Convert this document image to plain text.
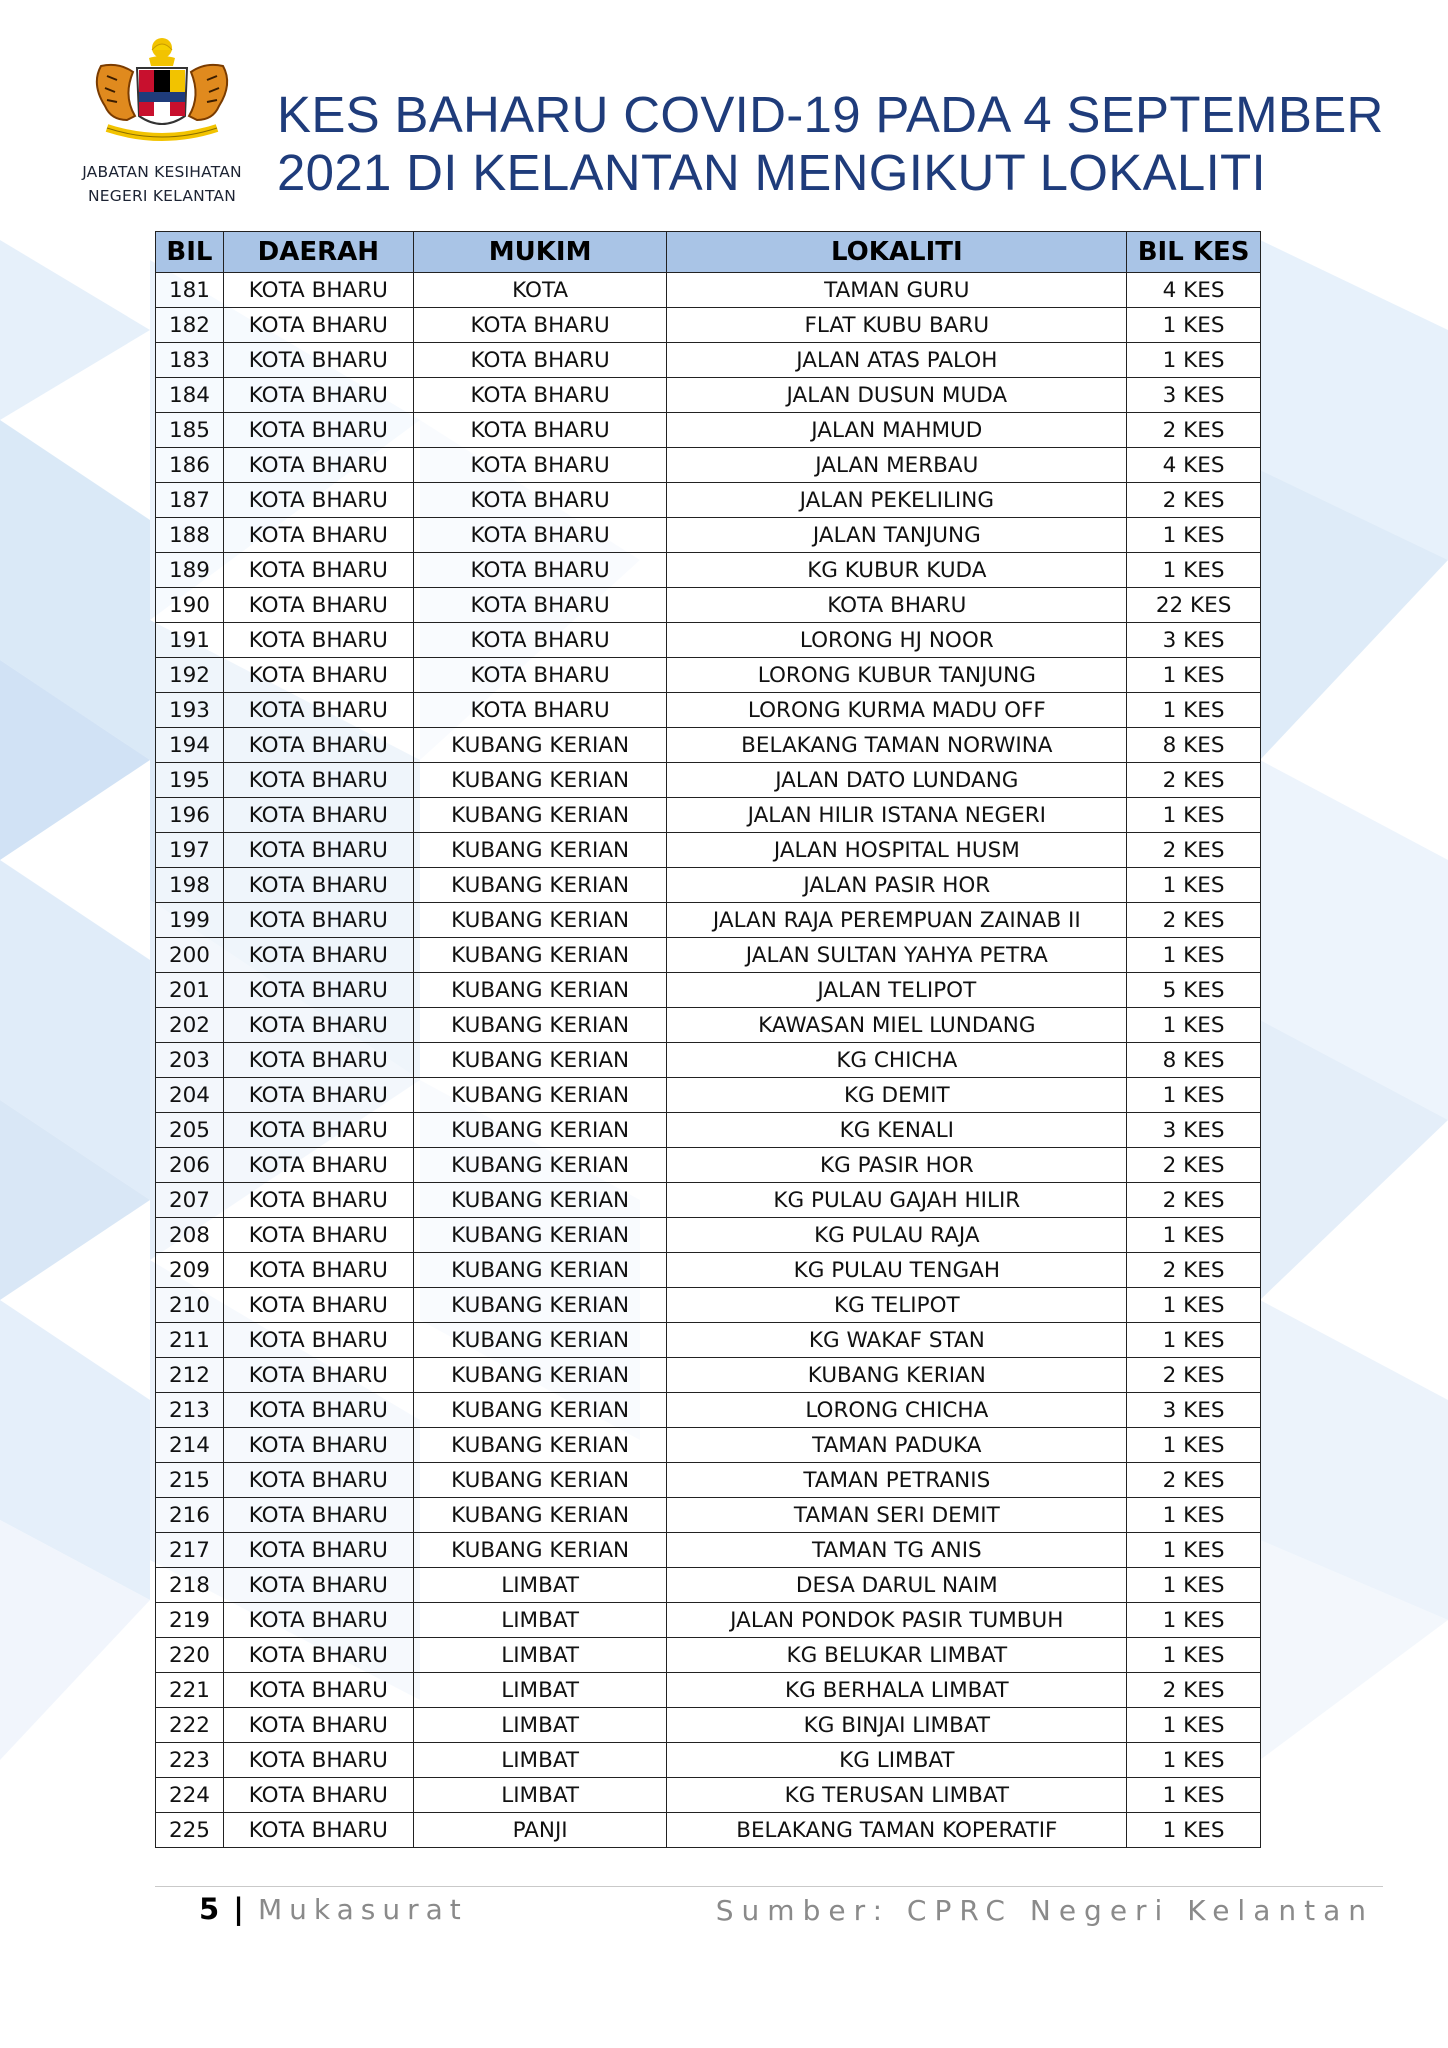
JABATAN KESIHATAN
NEGERI KELANTAN
KES BAHARU COVID-19 PADA 4 SEPTEMBER
2021 DI KELANTAN MENGIKUT LOKALITI
BIL	DAERAH	MUKIM	LOKALITI	BIL KES
181	KOTA BHARU	KOTA	TAMAN GURU	4 KES
182	KOTA BHARU	KOTA BHARU	FLAT KUBU BARU	1 KES
183	KOTA BHARU	KOTA BHARU	JALAN ATAS PALOH	1 KES
184	KOTA BHARU	KOTA BHARU	JALAN DUSUN MUDA	3 KES
185	KOTA BHARU	KOTA BHARU	JALAN MAHMUD	2 KES
186	KOTA BHARU	KOTA BHARU	JALAN MERBAU	4 KES
187	KOTA BHARU	KOTA BHARU	JALAN PEKELILING	2 KES
188	KOTA BHARU	KOTA BHARU	JALAN TANJUNG	1 KES
189	KOTA BHARU	KOTA BHARU	KG KUBUR KUDA	1 KES
190	KOTA BHARU	KOTA BHARU	KOTA BHARU	22 KES
191	KOTA BHARU	KOTA BHARU	LORONG HJ NOOR	3 KES
192	KOTA BHARU	KOTA BHARU	LORONG KUBUR TANJUNG	1 KES
193	KOTA BHARU	KOTA BHARU	LORONG KURMA MADU OFF	1 KES
194	KOTA BHARU	KUBANG KERIAN	BELAKANG TAMAN NORWINA	8 KES
195	KOTA BHARU	KUBANG KERIAN	JALAN DATO LUNDANG	2 KES
196	KOTA BHARU	KUBANG KERIAN	JALAN HILIR ISTANA NEGERI	1 KES
197	KOTA BHARU	KUBANG KERIAN	JALAN HOSPITAL HUSM	2 KES
198	KOTA BHARU	KUBANG KERIAN	JALAN PASIR HOR	1 KES
199	KOTA BHARU	KUBANG KERIAN	JALAN RAJA PEREMPUAN ZAINAB II	2 KES
200	KOTA BHARU	KUBANG KERIAN	JALAN SULTAN YAHYA PETRA	1 KES
201	KOTA BHARU	KUBANG KERIAN	JALAN TELIPOT	5 KES
202	KOTA BHARU	KUBANG KERIAN	KAWASAN MIEL LUNDANG	1 KES
203	KOTA BHARU	KUBANG KERIAN	KG CHICHA	8 KES
204	KOTA BHARU	KUBANG KERIAN	KG DEMIT	1 KES
205	KOTA BHARU	KUBANG KERIAN	KG KENALI	3 KES
206	KOTA BHARU	KUBANG KERIAN	KG PASIR HOR	2 KES
207	KOTA BHARU	KUBANG KERIAN	KG PULAU GAJAH HILIR	2 KES
208	KOTA BHARU	KUBANG KERIAN	KG PULAU RAJA	1 KES
209	KOTA BHARU	KUBANG KERIAN	KG PULAU TENGAH	2 KES
210	KOTA BHARU	KUBANG KERIAN	KG TELIPOT	1 KES
211	KOTA BHARU	KUBANG KERIAN	KG WAKAF STAN	1 KES
212	KOTA BHARU	KUBANG KERIAN	KUBANG KERIAN	2 KES
213	KOTA BHARU	KUBANG KERIAN	LORONG CHICHA	3 KES
214	KOTA BHARU	KUBANG KERIAN	TAMAN PADUKA	1 KES
215	KOTA BHARU	KUBANG KERIAN	TAMAN PETRANIS	2 KES
216	KOTA BHARU	KUBANG KERIAN	TAMAN SERI DEMIT	1 KES
217	KOTA BHARU	KUBANG KERIAN	TAMAN TG ANIS	1 KES
218	KOTA BHARU	LIMBAT	DESA DARUL NAIM	1 KES
219	KOTA BHARU	LIMBAT	JALAN PONDOK PASIR TUMBUH	1 KES
220	KOTA BHARU	LIMBAT	KG BELUKAR LIMBAT	1 KES
221	KOTA BHARU	LIMBAT	KG BERHALA LIMBAT	2 KES
222	KOTA BHARU	LIMBAT	KG BINJAI LIMBAT	1 KES
223	KOTA BHARU	LIMBAT	KG LIMBAT	1 KES
224	KOTA BHARU	LIMBAT	KG TERUSAN LIMBAT	1 KES
225	KOTA BHARU	PANJI	BELAKANG TAMAN KOPERATIF	1 KES
5 | Mukasurat	Sumber: CPRC Negeri Kelantan
